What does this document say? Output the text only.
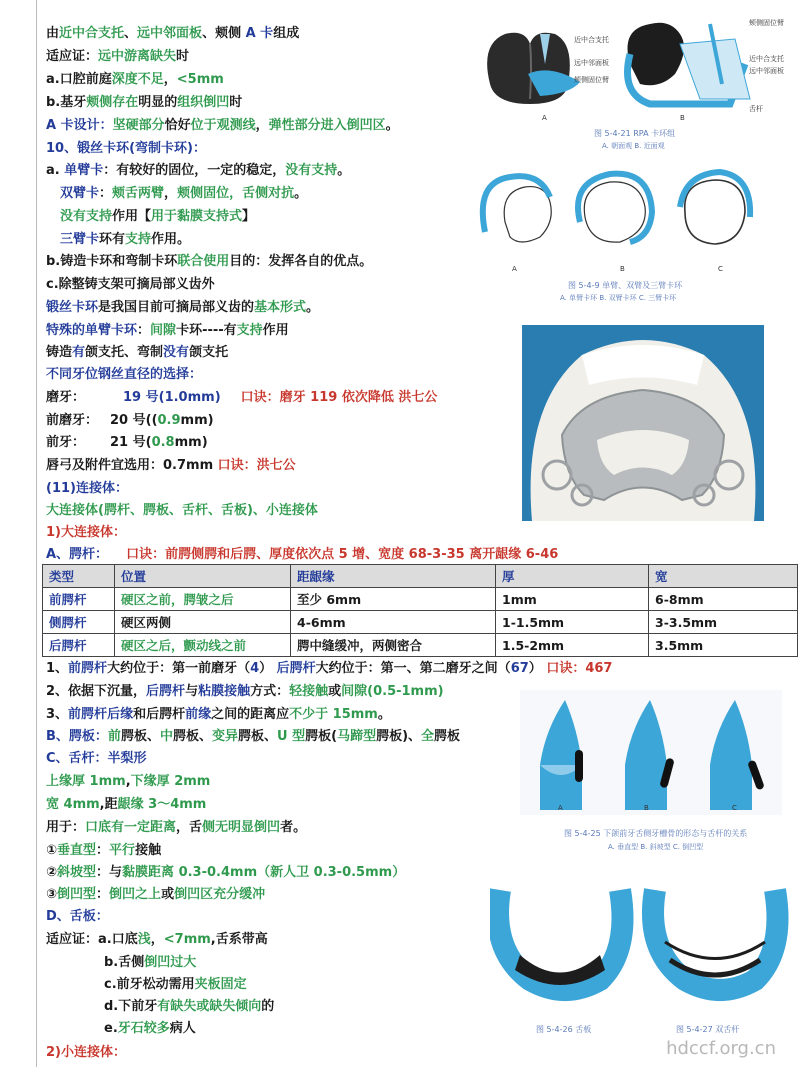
由近中合支托、远中邻面板、颊侧 A 卡组成
适应证：远中游离缺失时
a.口腔前庭深度不足，<5mm
b.基牙颊侧存在明显的组织倒凹时
A 卡设计：坚硬部分恰好位于观测线，弹性部分进入倒凹区。
10、锻丝卡环(弯制卡环)：
a. 单臂卡：有较好的固位，一定的稳定，没有支持。
双臂卡：颊舌两臂，颊侧固位，舌侧对抗。
没有支持作用【用于黏膜支持式】
三臂卡环有支持作用。
b.铸造卡环和弯制卡环联合使用目的：发挥各自的优点。
c.除整铸支架可摘局部义齿外
锻丝卡环是我国目前可摘局部义齿的基本形式。
特殊的单臂卡环：间隙卡环----有支持作用
铸造有颌支托、弯制没有颌支托
不同牙位钢丝直径的选择：
磨牙：	19 号(1.0mm) 口诀：磨牙 119 依次降低 洪七公
前磨牙： 20 号((0.9mm)
前牙： 21 号(0.8mm)
唇弓及附件宜选用：0.7mm 口诀：洪七公
(11)连接体：
大连接体(腭杆、腭板、舌杆、舌板)、小连接体
1)大连接体：
A、腭杆： 口诀：前腭侧腭和后腭、厚度依次点 5 增、宽度 68-3-35 离开龈缘 6-46
类型	位置	距龈缘	厚	宽
前腭杆	硬区之前，腭皱之后	至少 6mm	1mm	6-8mm
侧腭杆	硬区两侧	4-6mm	1-1.5mm	3-3.5mm
后腭杆	硬区之后，颤动线之前	腭中缝缓冲，两侧密合	1.5-2mm	3.5mm
1、前腭杆大约位于：第一前磨牙（4） 后腭杆大约位于：第一、第二磨牙之间（67） 口诀：467
2、依据下沉量，后腭杆与粘膜接触方式：轻接触或间隙(0.5-1mm)
3、前腭杆后缘和后腭杆前缘之间的距离应不少于 15mm。
B、腭板：前腭板、中腭板、变异腭板、U 型腭板(马蹄型腭板)、全腭板
C、舌杆：半梨形
上缘厚 1mm,下缘厚 2mm
宽 4mm,距龈缘 3～4mm
用于：口底有一定距离，舌侧无明显倒凹者。
①垂直型：平行接触
②斜坡型：与黏膜距离 0.3-0.4mm（新人卫 0.3-0.5mm）
③倒凹型：倒凹之上或倒凹区充分缓冲
D、舌板：
适应证：a.口底浅，<7mm,舌系带高
b.舌侧倒凹过大
c.前牙松动需用夹板固定
d.下前牙有缺失或缺失倾向的
e.牙石较多病人
2)小连接体：
近中合支托
远中邻面板
颊侧固位臂
颊侧固位臂
近中合支托
远中邻面板
舌杆
A	B
图 5-4-21 RPA 卡环组
A. 朝面观 B. 近面观
A	B	C
图 5-4-9 单臂、双臂及三臂卡环
A. 单臂卡环 B. 双臂卡环 C. 三臂卡环
A	B	C
图 5-4-25 下颌前牙舌侧牙槽骨的形态与舌杆的关系
A. 垂直型 B. 斜坡型 C. 倒凹型
图 5-4-26 舌板	图 5-4-27 双舌杆
hdccf.org.cn
